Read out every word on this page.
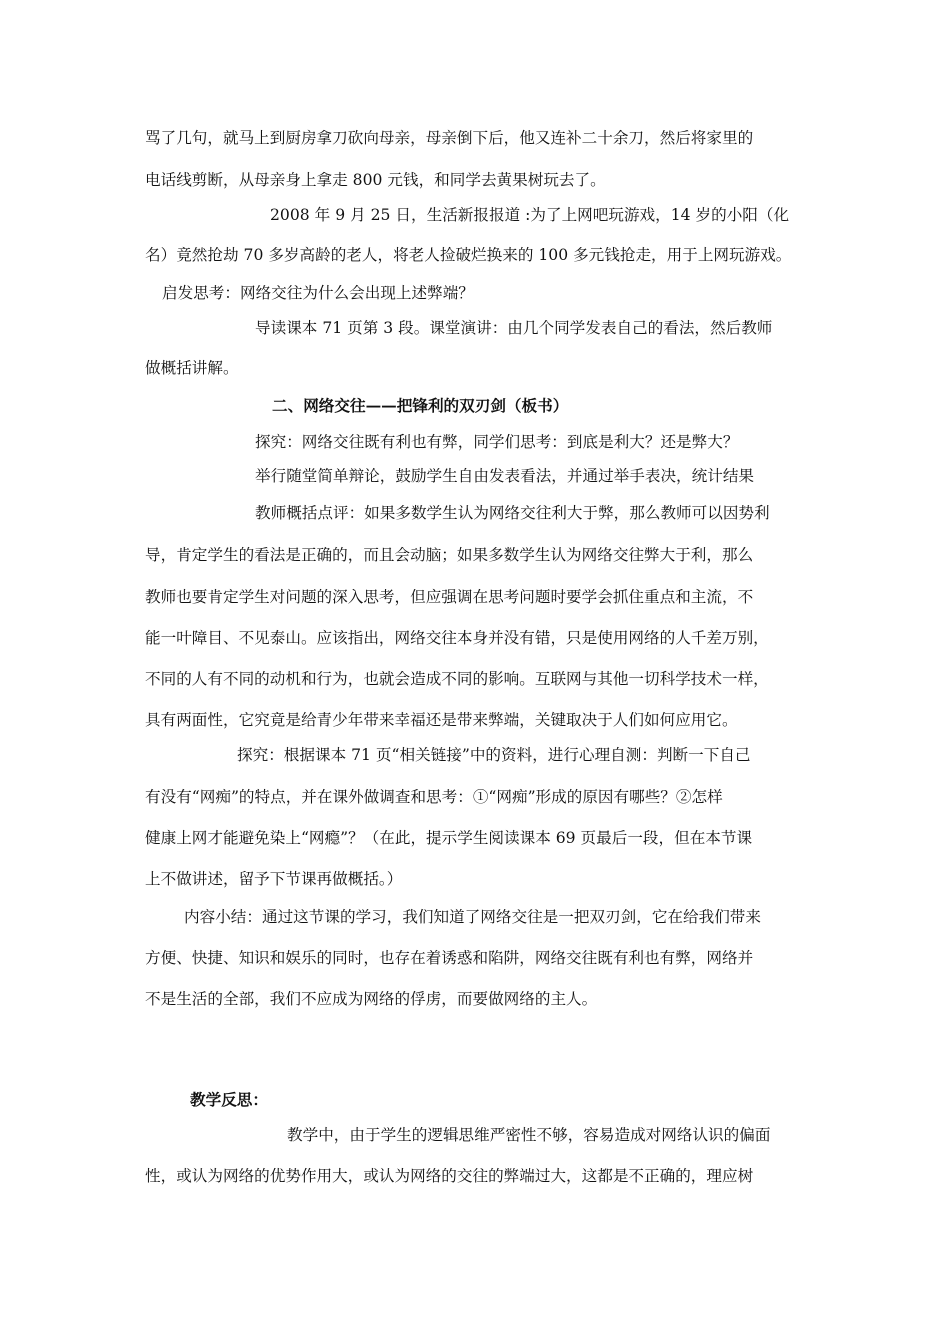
骂了几句，就马上到厨房拿刀砍向母亲，母亲倒下后，他又连补二十余刀，然后将家里的
电话线剪断，从母亲身上拿走 800 元钱，和同学去黄果树玩去了。
2008 年 9 月 25 日，生活新报报道 :为了上网吧玩游戏，14 岁的小阳（化
名）竟然抢劫 70 多岁高龄的老人，将老人捡破烂换来的 100 多元钱抢走，用于上网玩游戏。
启发思考：网络交往为什么会出现上述弊端？
导读课本 71 页第 3 段。课堂演讲：由几个同学发表自己的看法，然后教师
做概括讲解。
二、网络交往——把锋利的双刃剑（板书）
探究：网络交往既有利也有弊，同学们思考：到底是利大？还是弊大？
举行随堂简单辩论，鼓励学生自由发表看法，并通过举手表决，统计结果
教师概括点评：如果多数学生认为网络交往利大于弊，那么教师可以因势利
导，肯定学生的看法是正确的，而且会动脑；如果多数学生认为网络交往弊大于利，那么
教师也要肯定学生对问题的深入思考，但应强调在思考问题时要学会抓住重点和主流，不
能一叶障目、不见泰山。应该指出，网络交往本身并没有错，只是使用网络的人千差万别，
不同的人有不同的动机和行为，也就会造成不同的影响。互联网与其他一切科学技术一样，
具有两面性，它究竟是给青少年带来幸福还是带来弊端，关键取决于人们如何应用它。
探究：根据课本 71 页“相关链接”中的资料，进行心理自测：判断一下自己
有没有“网痴”的特点，并在课外做调查和思考：①“网痴”形成的原因有哪些？②怎样
健康上网才能避免染上“网瘾”？（在此，提示学生阅读课本 69 页最后一段，但在本节课
上不做讲述，留予下节课再做概括。）
内容小结：通过这节课的学习，我们知道了网络交往是一把双刃剑，它在给我们带来
方便、快捷、知识和娱乐的同时，也存在着诱惑和陷阱，网络交往既有利也有弊，网络并
不是生活的全部，我们不应成为网络的俘虏，而要做网络的主人。
教学反思：
教学中，由于学生的逻辑思维严密性不够，容易造成对网络认识的偏面
性，或认为网络的优势作用大，或认为网络的交往的弊端过大，这都是不正确的，理应树
